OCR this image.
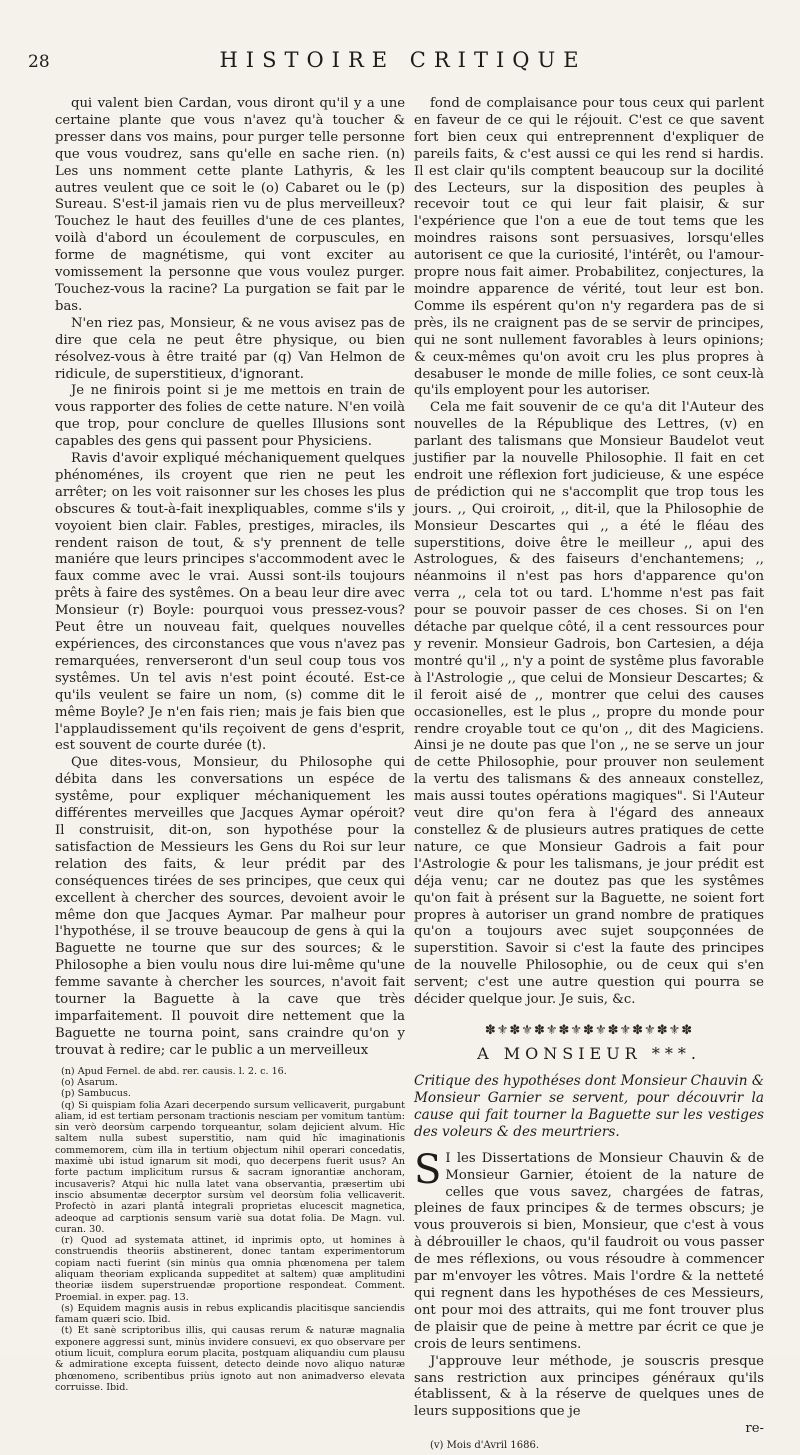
28	HISTOIRE CRITIQUE

qui valent bien Cardan, vous diront qu'il y a une certaine plante que vous n'avez qu'à toucher & presser dans vos mains, pour purger telle personne que vous voudrez, sans qu'elle en sache rien. (n) Les uns nomment cette plante Lathyris, & les autres veulent que ce soit le (o) Cabaret ou le (p) Sureau. S'est-il jamais rien vu de plus merveilleux? Touchez le haut des feuilles d'une de ces plantes, voilà d'abord un écoulement de corpuscules, en forme de magnétisme, qui vont exciter au vomissement la personne que vous voulez purger. Touchez-vous la racine? La purgation se fait par le bas.

N'en riez pas, Monsieur, & ne vous avisez pas de dire que cela ne peut être physique, ou bien résolvez-vous à être traité par (q) Van Helmon de ridicule, de superstitieux, d'ignorant.

Je ne finirois point si je me mettois en train de vous rapporter des folies de cette nature. N'en voilà que trop, pour conclure de quelles Illusions sont capables des gens qui passent pour Physiciens.

Ravis d'avoir expliqué méchaniquement quelques phénoménes, ils croyent que rien ne peut les arrêter; on les voit raisonner sur les choses les plus obscures & tout-à-fait inexpliquables, comme s'ils y voyoient bien clair. Fables, prestiges, miracles, ils rendent raison de tout, & s'y prennent de telle maniére que leurs principes s'accommodent avec le faux comme avec le vrai. Aussi sont-ils toujours prêts à faire des systêmes. On a beau leur dire avec Monsieur (r) Boyle: pourquoi vous pressez-vous? Peut être un nouveau fait, quelques nouvelles expériences, des circonstances que vous n'avez pas remarquées, renverseront d'un seul coup tous vos systêmes. Un tel avis n'est point écouté. Est-ce qu'ils veulent se faire un nom, (s) comme dit le même Boyle? Je n'en fais rien; mais je fais bien que l'applaudissement qu'ils reçoivent de gens d'esprit, est souvent de courte durée (t).

Que dites-vous, Monsieur, du Philosophe qui débita dans les conversations un espéce de systême, pour expliquer méchaniquement les différentes merveilles que Jacques Aymar opéroit? Il construisit, dit-on, son hypothése pour la satisfaction de Messieurs les Gens du Roi sur leur relation des faits, & leur prédit par des conséquences tirées de ses principes, que ceux qui excellent à chercher des sources, devoient avoir le même don que Jacques Aymar. Par malheur pour l'hypothése, il se trouve beaucoup de gens à qui la Baguette ne tourne que sur des sources; & le Philosophe a bien voulu nous dire lui-même qu'une femme savante à chercher les sources, n'avoit fait tourner la Baguette à la cave que très imparfaitement. Il pouvoit dire nettement que la Baguette ne tourna point, sans craindre qu'on y trouvat à redire; car le public a un merveilleux

(n) Apud Fernel. de abd. rer. causis. l. 2. c. 16.

(o) Asarum.

(p) Sambucus.

(q) Si quispiam folia Azari decerpendo sursum vellicaverit, purgabunt aliam, id est tertiam personam tractionis nesciam per vomitum tantùm: sin verò deorsùm carpendo torqueantur, solam dejicient alvum. Hîc saltem nulla subest superstitio, nam quid hîc imaginationis commemorem, cùm illa in tertium objectum nihil operari concedatis, maximè ubi istud ignarum sit modi, quo decerpens fuerit usus? An forte pactum implicitum rursus & sacram ignorantiæ anchoram, incusaveris? Atqui hic nulla latet vana observantia, præsertim ubi inscio absumentæ decerptor sursùm vel deorsùm folia vellicaverit. Profectò in azari plantâ integrali proprietas elucescit magnetica, adeoque ad carptionis sensum variè sua dotat folia. De Magn. vul. curan. 30.

(r) Quod ad systemata attinet, id inprimis opto, ut homines à construendis theoriis abstinerent, donec tantam experimentorum copiam nacti fuerint (sin minùs qua omnia phœnomena per talem aliquam theoriam explicanda suppeditet at saltem) quæ amplitudini theoriæ iisdem superstruendæ proportione respondeat. Comment. Proemial. in exper. pag. 13.

(s) Equidem magnis ausis in rebus explicandis placitisque sanciendis famam quæri scio. Ibid.

(t) Et sanè scriptoribus illis, qui causas rerum & naturæ magnalia exponere aggressi sunt, minùs invidere consuevi, ex quo observare per otium licuit, complura eorum placita, postquam aliquandiu cum plausu & admiratione excepta fuissent, detecto deinde novo aliquo naturæ phœnomeno, scribentibus priùs ignoto aut non animadverso elevata corruisse. Ibid.

fond de complaisance pour tous ceux qui parlent en faveur de ce qui le réjouit. C'est ce que savent fort bien ceux qui entreprennent d'expliquer de pareils faits, & c'est aussi ce qui les rend si hardis. Il est clair qu'ils comptent beaucoup sur la docilité des Lecteurs, sur la disposition des peuples à recevoir tout ce qui leur fait plaisir, & sur l'expérience que l'on a eue de tout tems que les moindres raisons sont persuasives, lorsqu'elles autorisent ce que la curiosité, l'intérêt, ou l'amour-propre nous fait aimer. Probabilitez, conjectures, la moindre apparence de vérité, tout leur est bon. Comme ils espérent qu'on n'y regardera pas de si près, ils ne craignent pas de se servir de principes, qui ne sont nullement favorables à leurs opinions; & ceux-mêmes qu'on avoit cru les plus propres à desabuser le monde de mille folies, ce sont ceux-là qu'ils employent pour les autoriser.

Cela me fait souvenir de ce qu'a dit l'Auteur des nouvelles de la République des Lettres, (v) en parlant des talismans que Monsieur Baudelot veut justifier par la nouvelle Philosophie. Il fait en cet endroit une réflexion fort judicieuse, & une espéce de prédiction qui ne s'accomplit que trop tous les jours. ,, Qui croiroit, ,, dit-il, que la Philosophie de Monsieur Descartes qui ,, a été le fléau des superstitions, doive être le meilleur ,, apui des Astrologues, & des faiseurs d'enchantemens; ,, néanmoins il n'est pas hors d'apparence qu'on verra ,, cela tot ou tard. L'homme n'est pas fait pour se pouvoir passer de ces choses. Si on l'en détache par quelque côté, il a cent ressources pour y revenir. Monsieur Gadrois, bon Cartesien, a déja montré qu'il ,, n'y a point de systême plus favorable à l'Astrologie ,, que celui de Monsieur Descartes; & il feroit aisé de ,, montrer que celui des causes occasionelles, est le plus ,, propre du monde pour rendre croyable tout ce qu'on ,, dit des Magiciens. Ainsi je ne doute pas que l'on ,, ne se serve un jour de cette Philosophie, pour prouver non seulement la vertu des talismans & des anneaux constellez, mais aussi toutes opérations magiques". Si l'Auteur veut dire qu'on fera à l'égard des anneaux constellez & de plusieurs autres pratiques de cette nature, ce que Monsieur Gadrois a fait pour l'Astrologie & pour les talismans, je jour prédit est déja venu; car ne doutez pas que les systêmes qu'on fait à présent sur la Baguette, ne soient fort propres à autoriser un grand nombre de pratiques qu'on a toujours avec sujet soupçonnées de superstition. Savoir si c'est la faute des principes de la nouvelle Philosophie, ou de ceux qui s'en servent; c'est une autre question qui pourra se décider quelque jour. Je suis, &c.

✽⚜✽⚜✽⚜✽⚜✽⚜✽⚜✽⚜✽⚜✽
A MONSIEUR ***.

Critique des hypothéses dont Monsieur Chauvin & Monsieur Garnier se servent, pour découvrir la cause qui fait tourner la Baguette sur les vestiges des voleurs & des meurtriers.

S I les Dissertations de Monsieur Chauvin & de Monsieur Garnier, étoient de la nature de celles que vous savez, chargées de fatras, pleines de faux principes & de termes obscurs; je vous prouverois si bien, Monsieur, que c'est à vous à débrouiller le chaos, qu'il faudroit ou vous passer de mes réflexions, ou vous résoudre à commencer par m'envoyer les vôtres. Mais l'ordre & la netteté qui regnent dans les hypothéses de ces Messieurs, ont pour moi des attraits, qui me font trouver plus de plaisir que de peine à mettre par écrit ce que je crois de leurs sentimens.

J'approuve leur méthode, je souscris presque sans restriction aux principes généraux qu'ils établissent, & à la réserve de quelques unes de leurs suppositions que je

re-

(v) Mois d'Avril 1686.
